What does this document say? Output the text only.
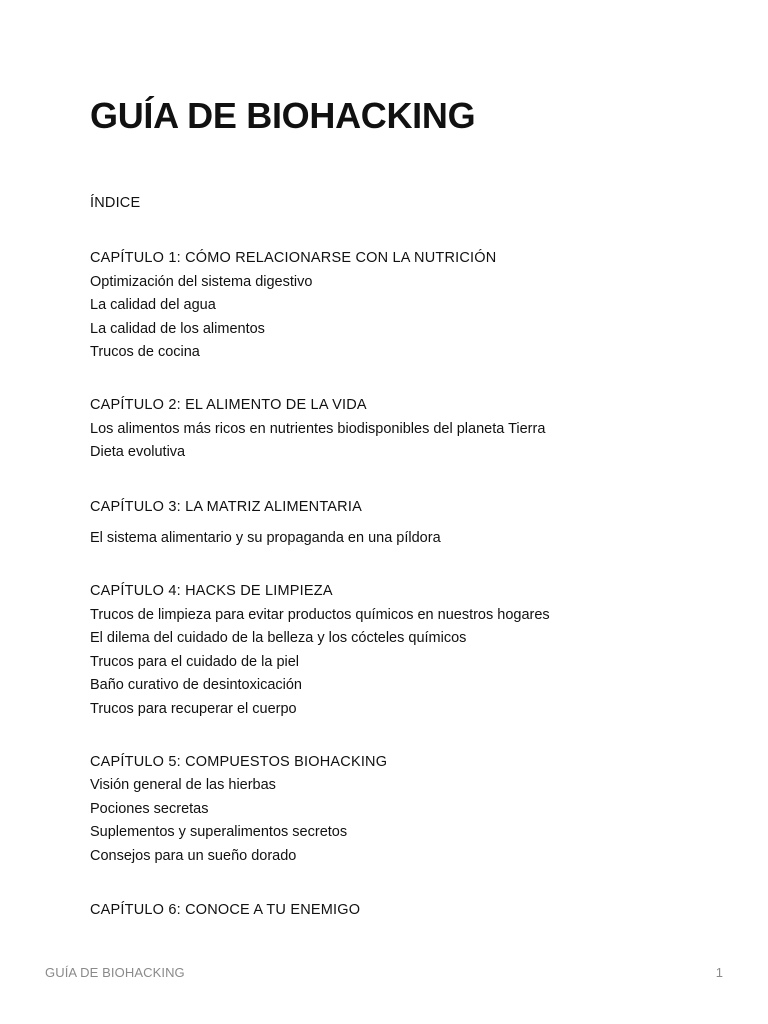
GUÍA DE BIOHACKING

ÍNDICE

CAPÍTULO 1: CÓMO RELACIONARSE CON LA NUTRICIÓN

Optimización del sistema digestivo
La calidad del agua
La calidad de los alimentos
Trucos de cocina

CAPÍTULO 2: EL ALIMENTO DE LA VIDA

Los alimentos más ricos en nutrientes biodisponibles del planeta Tierra
Dieta evolutiva

CAPÍTULO 3: LA MATRIZ ALIMENTARIA

El sistema alimentario y su propaganda en una píldora

CAPÍTULO 4: HACKS DE LIMPIEZA

Trucos de limpieza para evitar productos químicos en nuestros hogares
El dilema del cuidado de la belleza y los cócteles químicos
Trucos para el cuidado de la piel
Baño curativo de desintoxicación
Trucos para recuperar el cuerpo

CAPÍTULO 5: COMPUESTOS BIOHACKING

Visión general de las hierbas
Pociones secretas
Suplementos y superalimentos secretos
Consejos para un sueño dorado

CAPÍTULO 6: CONOCE A TU ENEMIGO

GUÍA DE BIOHACKING	1
